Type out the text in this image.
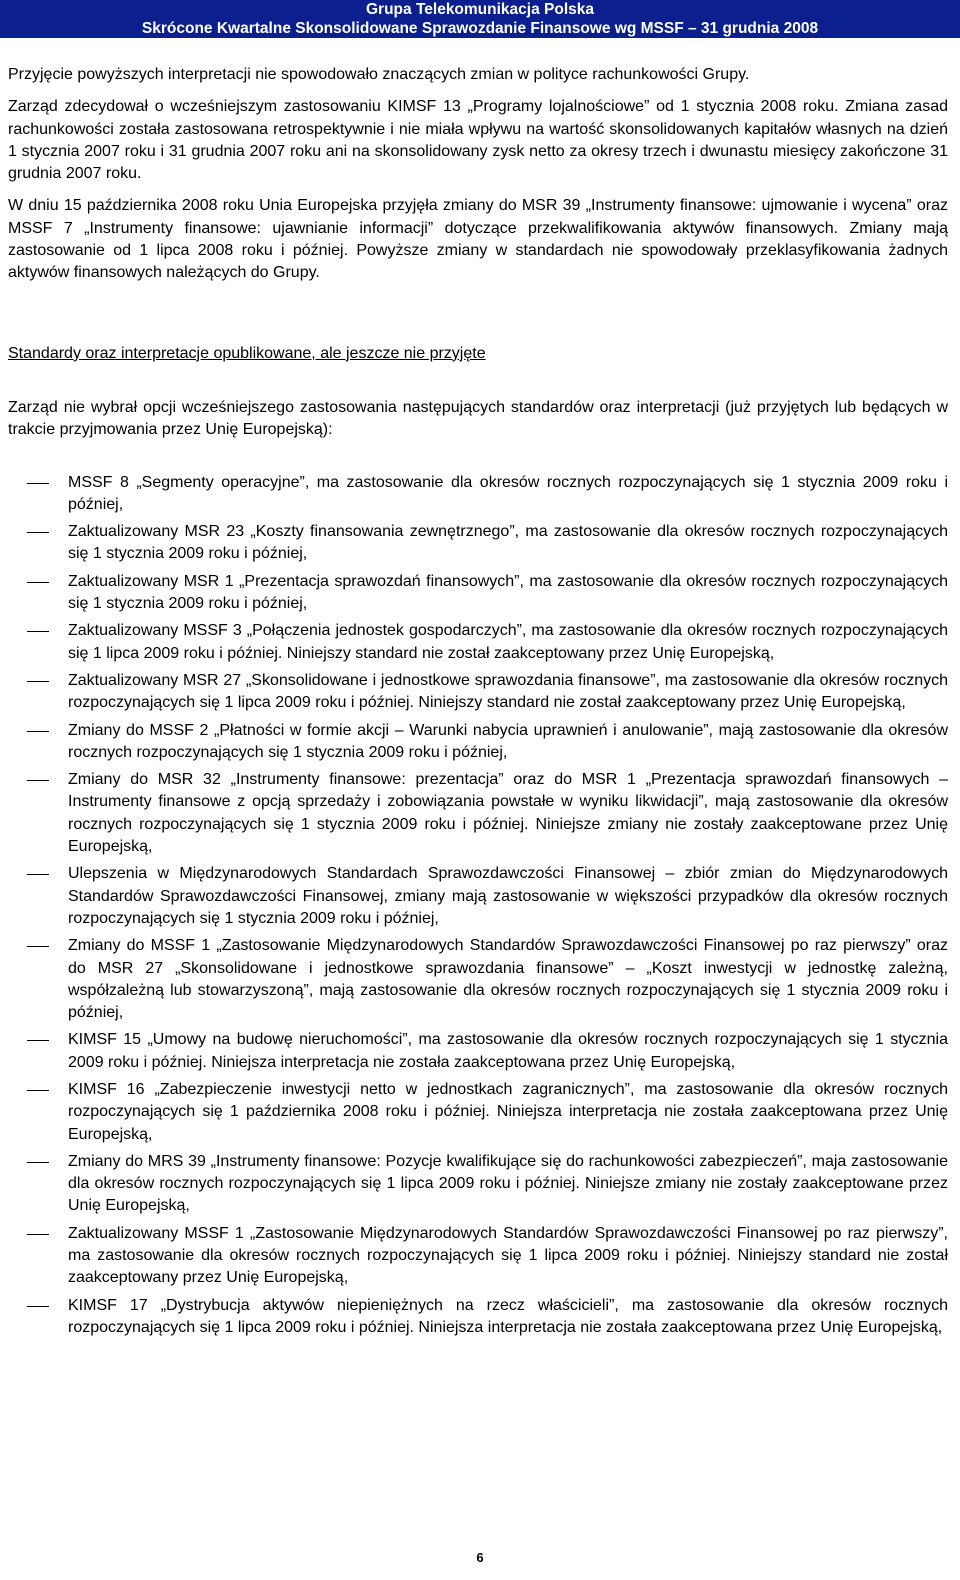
Grupa Telekomunikacja Polska
Skrócone Kwartalne Skonsolidowane Sprawozdanie Finansowe wg MSSF – 31 grudnia 2008

Przyjęcie powyższych interpretacji nie spowodowało znaczących zmian w polityce rachunkowości Grupy.

Zarząd zdecydował o wcześniejszym zastosowaniu KIMSF 13 „Programy lojalnościowe” od 1 stycznia 2008 roku. Zmiana zasad rachunkowości została zastosowana retrospektywnie i nie miała wpływu na wartość skonsolidowanych kapitałów własnych na dzień 1 stycznia 2007 roku i 31 grudnia 2007 roku ani na skonsolidowany zysk netto za okresy trzech i dwunastu miesięcy zakończone 31 grudnia 2007 roku.

W dniu 15 października 2008 roku Unia Europejska przyjęła zmiany do MSR 39 „Instrumenty finansowe: ujmowanie i wycena” oraz MSSF 7 „Instrumenty finansowe: ujawnianie informacji” dotyczące przekwalifikowania aktywów finansowych. Zmiany mają zastosowanie od 1 lipca 2008 roku i później. Powyższe zmiany w standardach nie spowodowały przeklasyfikowania żadnych aktywów finansowych należących do Grupy.

Standardy oraz interpretacje opublikowane, ale jeszcze nie przyjęte

Zarząd nie wybrał opcji wcześniejszego zastosowania następujących standardów oraz interpretacji (już przyjętych lub będących w trakcie przyjmowania przez Unię Europejską):

MSSF 8 „Segmenty operacyjne”, ma zastosowanie dla okresów rocznych rozpoczynających się 1 stycznia 2009 roku i później,
Zaktualizowany MSR 23 „Koszty finansowania zewnętrznego”, ma zastosowanie dla okresów rocznych rozpoczynających się 1 stycznia 2009 roku i później,
Zaktualizowany MSR 1 „Prezentacja sprawozdań finansowych”, ma zastosowanie dla okresów rocznych rozpoczynających się 1 stycznia 2009 roku i później,
Zaktualizowany MSSF 3 „Połączenia jednostek gospodarczych”, ma zastosowanie dla okresów rocznych rozpoczynających się 1 lipca 2009 roku i później. Niniejszy standard nie został zaakceptowany przez Unię Europejską,
Zaktualizowany MSR 27 „Skonsolidowane i jednostkowe sprawozdania finansowe”, ma zastosowanie dla okresów rocznych rozpoczynających się 1 lipca 2009 roku i później. Niniejszy standard nie został zaakceptowany przez Unię Europejską,
Zmiany do MSSF 2 „Płatności w formie akcji – Warunki nabycia uprawnień i anulowanie”, mają zastosowanie dla okresów rocznych rozpoczynających się 1 stycznia 2009 roku i później,
Zmiany do MSR 32 „Instrumenty finansowe: prezentacja” oraz do MSR 1 „Prezentacja sprawozdań finansowych – Instrumenty finansowe z opcją sprzedaży i zobowiązania powstałe w wyniku likwidacji”, mają zastosowanie dla okresów rocznych rozpoczynających się 1 stycznia 2009 roku i później. Niniejsze zmiany nie zostały zaakceptowane przez Unię Europejską,
Ulepszenia w Międzynarodowych Standardach Sprawozdawczości Finansowej – zbiór zmian do Międzynarodowych Standardów Sprawozdawczości Finansowej, zmiany mają zastosowanie w większości przypadków dla okresów rocznych rozpoczynających się 1 stycznia 2009 roku i później,
Zmiany do MSSF 1 „Zastosowanie Międzynarodowych Standardów Sprawozdawczości Finansowej po raz pierwszy” oraz do MSR 27 „Skonsolidowane i jednostkowe sprawozdania finansowe” – „Koszt inwestycji w jednostkę zależną, współzależną lub stowarzyszoną”, mają zastosowanie dla okresów rocznych rozpoczynających się 1 stycznia 2009 roku i później,
KIMSF 15 „Umowy na budowę nieruchomości”, ma zastosowanie dla okresów rocznych rozpoczynających się 1 stycznia 2009 roku i później. Niniejsza interpretacja nie została zaakceptowana przez Unię Europejską,
KIMSF 16 „Zabezpieczenie inwestycji netto w jednostkach zagranicznych”, ma zastosowanie dla okresów rocznych rozpoczynających się 1 października 2008 roku i później. Niniejsza interpretacja nie została zaakceptowana przez Unię Europejską,
Zmiany do MRS 39 „Instrumenty finansowe: Pozycje kwalifikujące się do rachunkowości zabezpieczeń”, maja zastosowanie dla okresów rocznych rozpoczynających się 1 lipca 2009 roku i później. Niniejsze zmiany nie zostały zaakceptowane przez Unię Europejską,
Zaktualizowany MSSF 1 „Zastosowanie Międzynarodowych Standardów Sprawozdawczości Finansowej po raz pierwszy”, ma zastosowanie dla okresów rocznych rozpoczynających się 1 lipca 2009 roku i później. Niniejszy standard nie został zaakceptowany przez Unię Europejską,
KIMSF 17 „Dystrybucja aktywów niepieniężnych na rzecz właścicieli”, ma zastosowanie dla okresów rocznych rozpoczynających się 1 lipca 2009 roku i później. Niniejsza interpretacja nie została zaakceptowana przez Unię Europejską,
6
